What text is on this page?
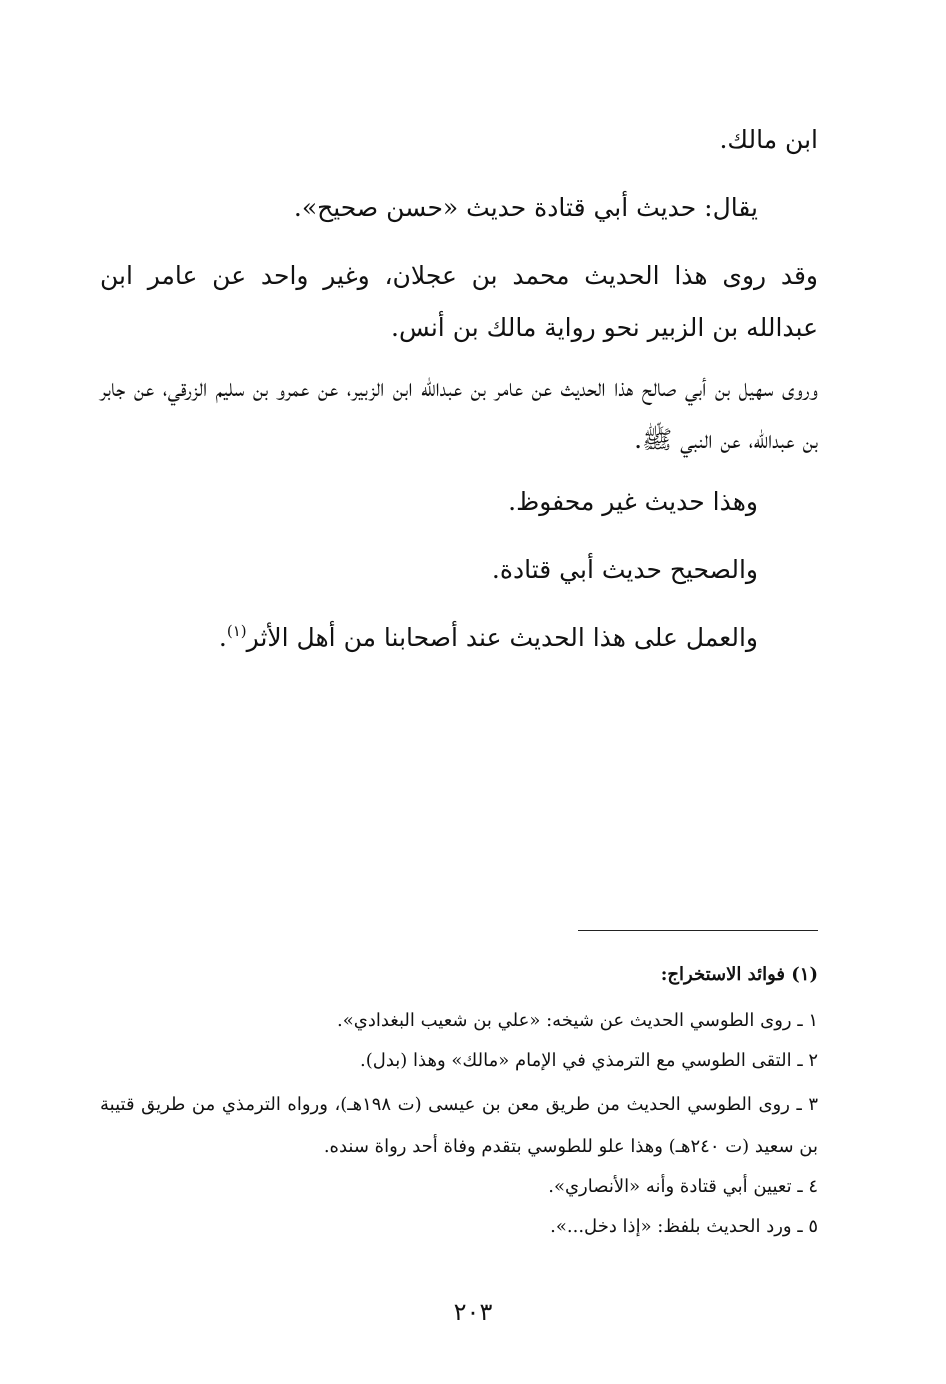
ابن مالك.
يقال: حديث أبي قتادة حديث «حسن صحيح».
وقد روى هذا الحديث محمد بن عجلان، وغير واحد عن عامر ابن عبدالله بن الزبير نحو رواية مالك بن أنس.
وروى سهيل بن أبي صالح هذا الحديث عن عامر بن عبدالله ابن الزبير، عن عمرو بن سليم الزرقي، عن جابر بن عبدالله، عن النبي ﷺ.
وهذا حديث غير محفوظ.
والصحيح حديث أبي قتادة.
والعمل على هذا الحديث عند أصحابنا من أهل الأثر$^{(١)}$.
(١) فوائد الاستخراج:
١ ـ روى الطوسي الحديث عن شيخه: «علي بن شعيب البغدادي».
٢ ـ التقى الطوسي مع الترمذي في الإمام «مالك» وهذا (بدل).
٣ ـ روى الطوسي الحديث من طريق معن بن عيسى (ت ١٩٨هـ)، ورواه الترمذي من طريق قتيبة بن سعيد (ت ٢٤٠هـ) وهذا علو للطوسي بتقدم وفاة أحد رواة سنده.
٤ ـ تعيين أبي قتادة وأنه «الأنصاري».
٥ ـ ورد الحديث بلفظ: «إذا دخل...».
٢٠٣
